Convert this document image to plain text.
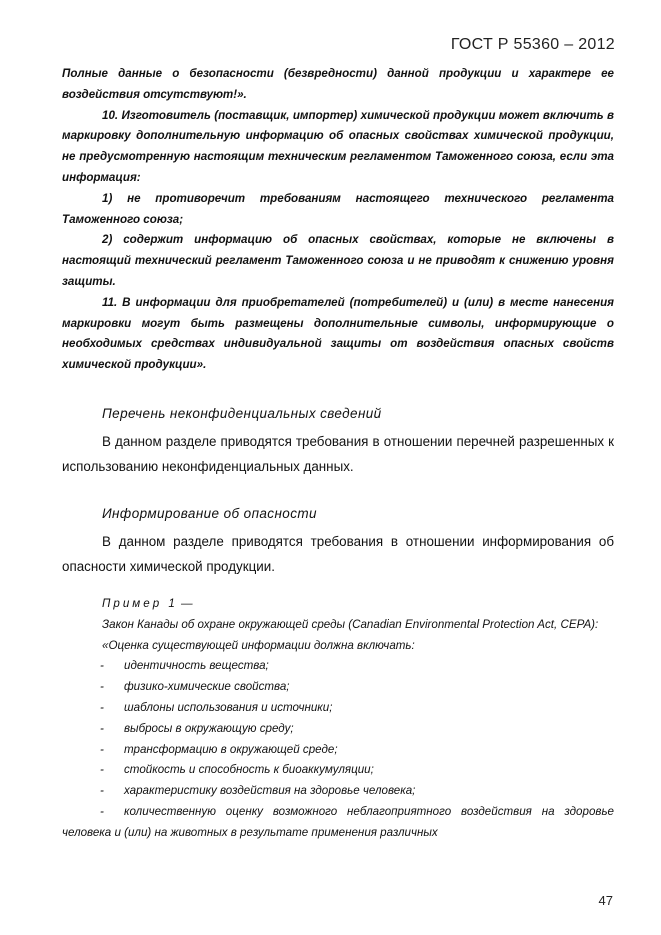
ГОСТ Р 55360 – 2012

Полные данные о безопасности (безвредности) данной продукции и характере ее воздействия отсутствуют!».

10. Изготовитель (поставщик, импортер) химической продукции может включить в маркировку дополнительную информацию об опасных свойствах химической продукции, не предусмотренную настоящим техническим регламентом Таможенного союза, если эта информация:

1) не противоречит требованиям настоящего технического регламента Таможенного союза;

2) содержит информацию об опасных свойствах, которые не включены в настоящий технический регламент Таможенного союза и не приводят к снижению уровня защиты.

11. В информации для приобретателей (потребителей) и (или) в месте нанесения маркировки могут быть размещены дополнительные символы, информирующие о необходимых средствах индивидуальной защиты от воздействия опасных свойств химической продукции».

Перечень неконфиденциальных сведений

В данном разделе приводятся требования в отношении перечней разрешенных к использованию неконфиденциальных данных.

Информирование об опасности

В данном разделе приводятся требования в отношении информирования об опасности химической продукции.

Пример 1 —

Закон Канады об охране окружающей среды (Canadian Environmental Protection Act, CEPA):

«Оценка существующей информации должна включать:

- идентичность вещества;
- физико-химические свойства;
- шаблоны использования и источники;
- выбросы в окружающую среду;
- трансформацию в окружающей среде;
- стойкость и способность к биоаккумуляции;
- характеристику воздействия на здоровье человека;
- количественную оценку возможного неблагоприятного воздействия на здоровье человека и (или) на животных в результате применения различных
47
